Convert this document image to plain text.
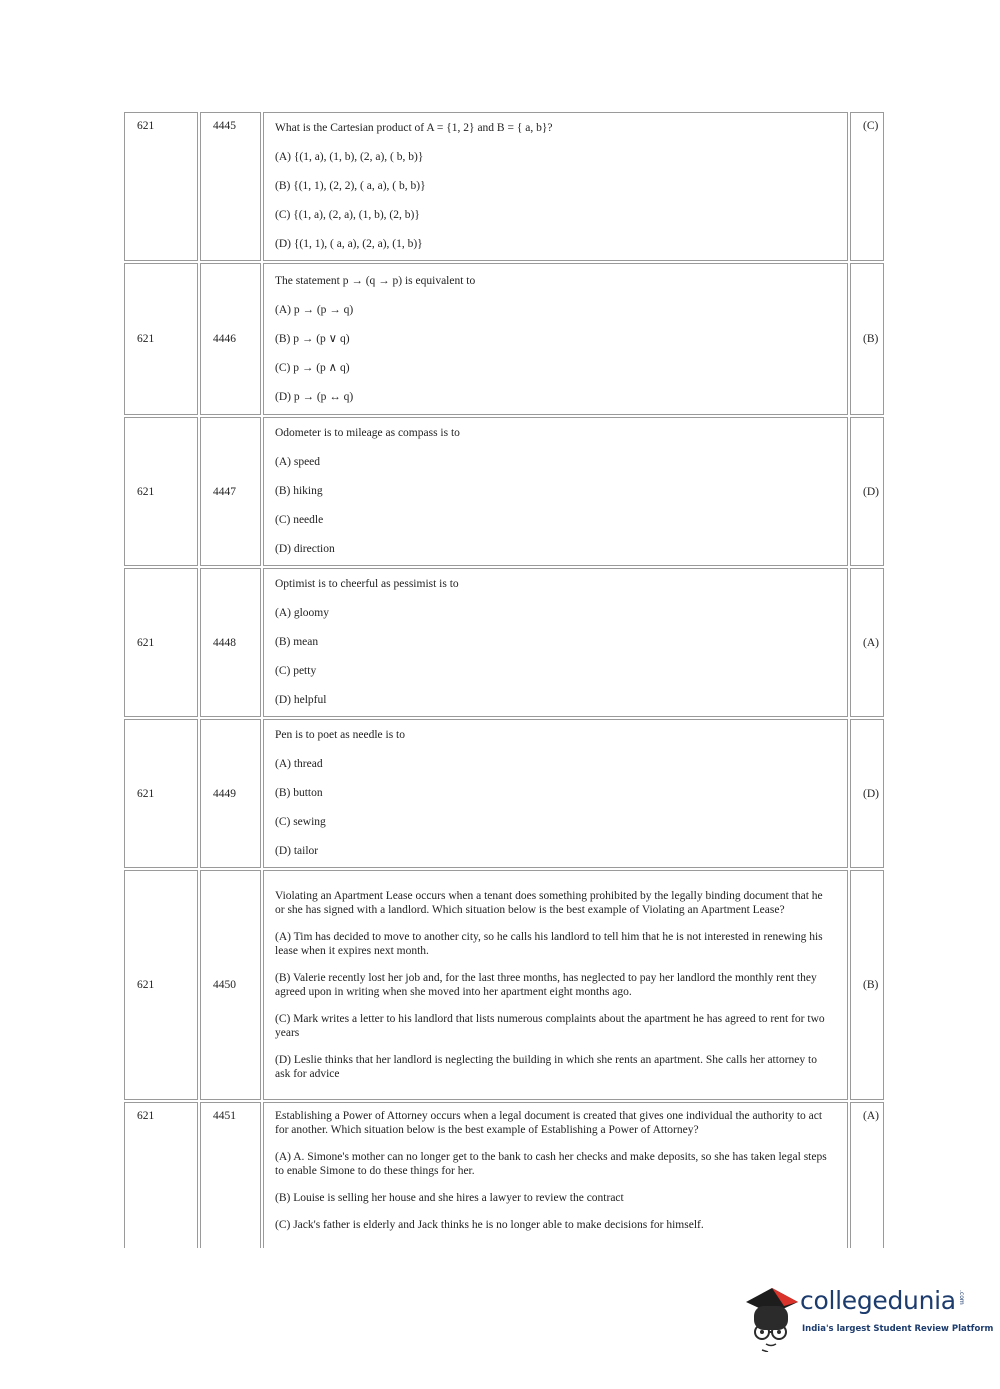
621	4445	What is the Cartesian product of A = {1, 2} and B = { a, b}?

(A) {(1, a), (1, b), (2, a), ( b, b)}

(B) {(1, 1), (2, 2), ( a, a), ( b, b)}

(C) {(1, a), (2, a), (1, b), (2, b)}

(D) {(1, 1), ( a, a), (2, a), (1, b)}	(C)
621	4446	The statement p → (q → p) is equivalent to

(A) p → (p → q)

(B) p → (p ∨ q)

(C) p → (p ∧ q)

(D) p → (p ↔ q)	(B)
621	4447	Odometer is to mileage as compass is to

(A) speed

(B) hiking

(C) needle

(D) direction	(D)
621	4448	Optimist is to cheerful as pessimist is to

(A) gloomy

(B) mean

(C) petty

(D) helpful	(A)
621	4449	Pen is to poet as needle is to

(A) thread

(B) button

(C) sewing

(D) tailor	(D)
621	4450	Violating an Apartment Lease occurs when a tenant does something prohibited by the legally binding document that he or she has signed with a landlord. Which situation below is the best example of Violating an Apartment Lease?

(A) Tim has decided to move to another city, so he calls his landlord to tell him that he is not interested in renewing his lease when it expires next month.

(B) Valerie recently lost her job and, for the last three months, has neglected to pay her landlord the monthly rent they agreed upon in writing when she moved into her apartment eight months ago.

(C) Mark writes a letter to his landlord that lists numerous complaints about the apartment he has agreed to rent for two years

(D) Leslie thinks that her landlord is neglecting the building in which she rents an apartment. She calls her attorney to ask for advice	(B)
621	4451	Establishing a Power of Attorney occurs when a legal document is created that gives one individual the authority to act for another. Which situation below is the best example of Establishing a Power of Attorney?

(A) A. Simone's mother can no longer get to the bank to cash her checks and make deposits, so she has taken legal steps to enable Simone to do these things for her.

(B) Louise is selling her house and she hires a lawyer to review the contract

(C) Jack's father is elderly and Jack thinks he is no longer able to make decisions for himself.	(A)
collegedunia .com
India's largest Student Review Platform
